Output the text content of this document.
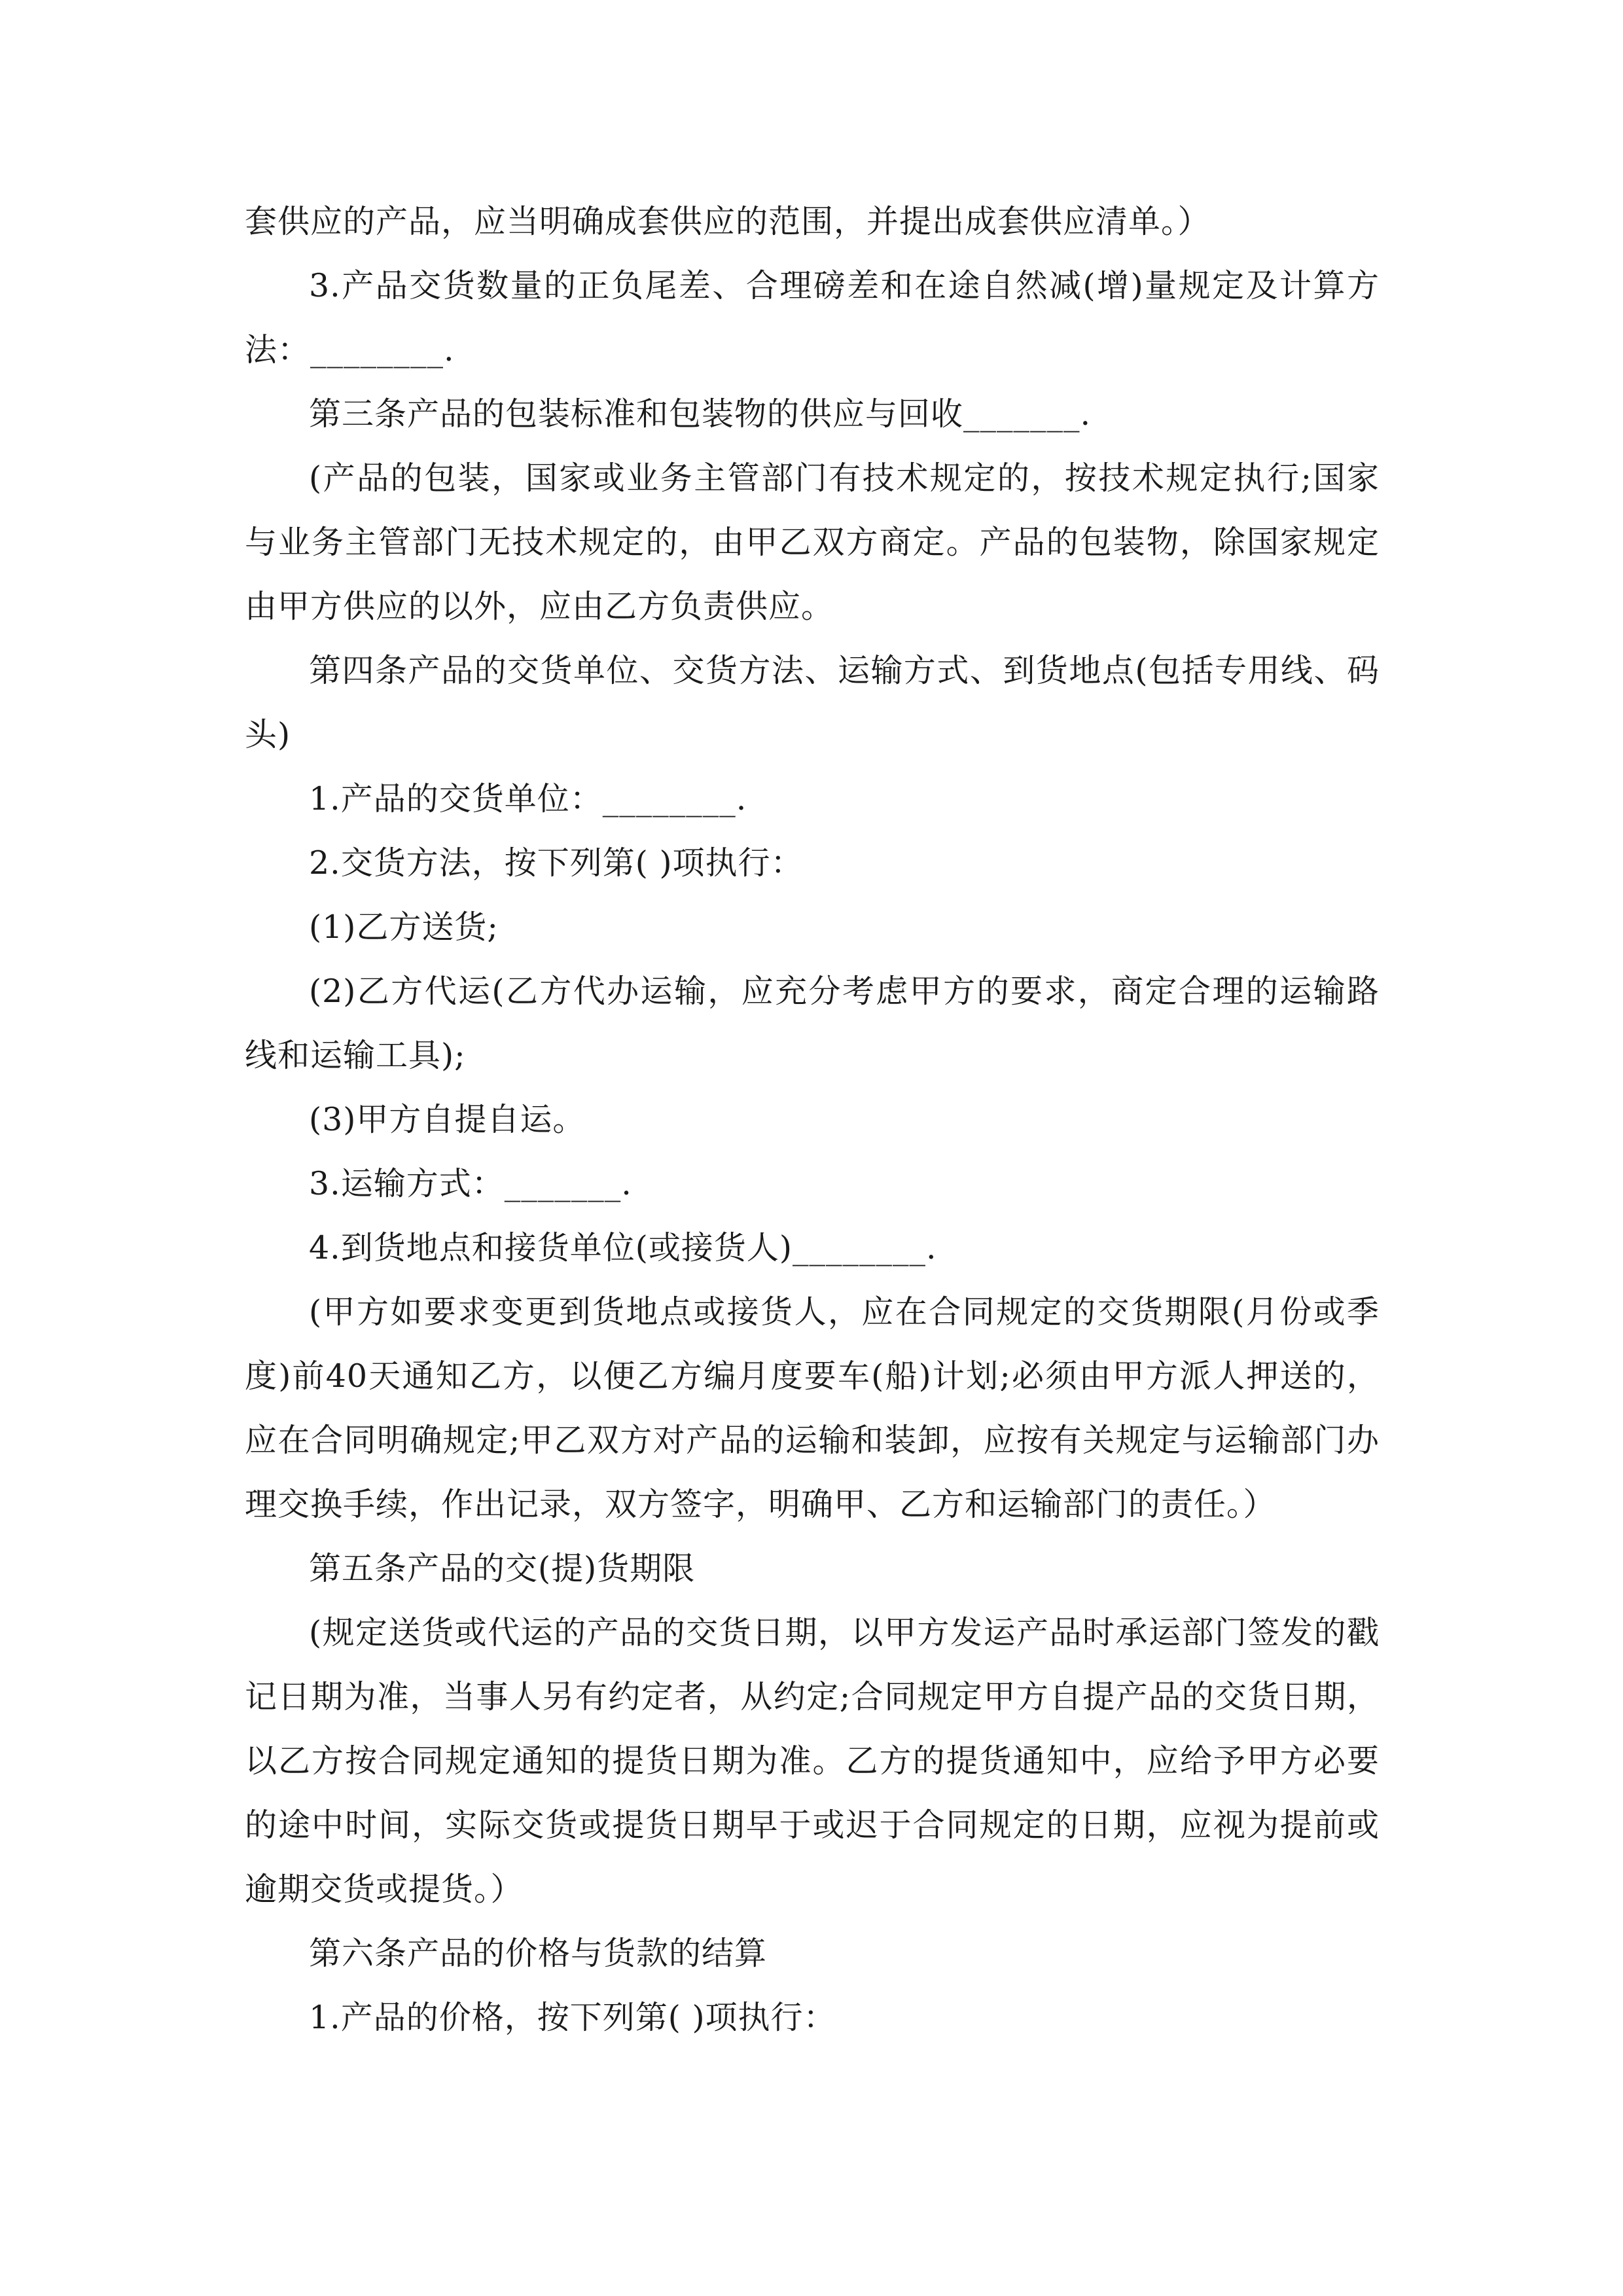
套供应的产品，应当明确成套供应的范围，并提出成套供应清单。）

3.产品交货数量的正负尾差、合理磅差和在途自然减(增)量规定及计算方法：________.

第三条产品的包装标准和包装物的供应与回收_______.

(产品的包装，国家或业务主管部门有技术规定的，按技术规定执行;国家与业务主管部门无技术规定的，由甲乙双方商定。产品的包装物，除国家规定由甲方供应的以外，应由乙方负责供应。

第四条产品的交货单位、交货方法、运输方式、到货地点(包括专用线、码头)

1.产品的交货单位：________.

2.交货方法，按下列第( )项执行：

(1)乙方送货;

(2)乙方代运(乙方代办运输，应充分考虑甲方的要求，商定合理的运输路线和运输工具);

(3)甲方自提自运。

3.运输方式：_______.

4.到货地点和接货单位(或接货人)________.

(甲方如要求变更到货地点或接货人，应在合同规定的交货期限(月份或季度)前40天通知乙方，以便乙方编月度要车(船)计划;必须由甲方派人押送的，应在合同明确规定;甲乙双方对产品的运输和装卸，应按有关规定与运输部门办理交换手续，作出记录，双方签字，明确甲、乙方和运输部门的责任。）

第五条产品的交(提)货期限

(规定送货或代运的产品的交货日期，以甲方发运产品时承运部门签发的戳记日期为准，当事人另有约定者，从约定;合同规定甲方自提产品的交货日期，以乙方按合同规定通知的提货日期为准。乙方的提货通知中，应给予甲方必要的途中时间，实际交货或提货日期早于或迟于合同规定的日期，应视为提前或逾期交货或提货。）

第六条产品的价格与货款的结算

1.产品的价格，按下列第( )项执行：
